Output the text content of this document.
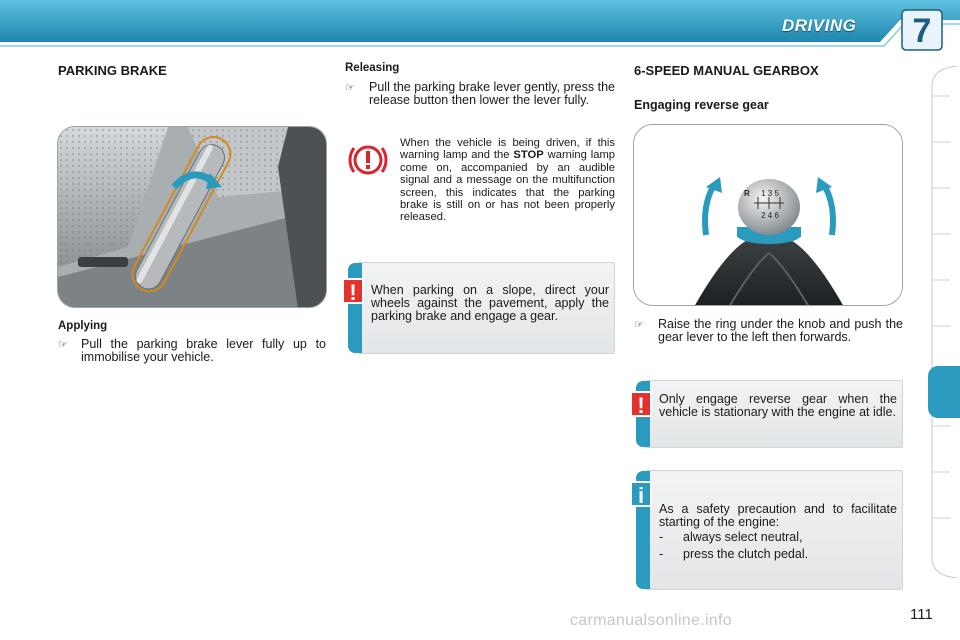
DRIVING 7
PARKING BRAKE
Applying
☞ Pull the parking brake lever fully up to immobilise your vehicle.
Releasing
☞ Pull the parking brake lever gently, press the release button then lower the lever fully.
When the vehicle is being driven, if this warning lamp and the STOP warning lamp come on, accompanied by an audible signal and a message on the multifunction screen, this indicates that the parking brake is still on or has not been properly released.
!	When parking on a slope, direct your wheels against the pavement, apply the parking brake and engage a gear.
6-SPEED MANUAL GEARBOX
Engaging reverse gear
1 3 5
2 4 6
R
☞ Raise the ring under the knob and push the gear lever to the left then forwards.
!	Only engage reverse gear when the vehicle is stationary with the engine at idle.
i
As a safety precaution and to facilitate starting of the engine:
- always select neutral,
- press the clutch pedal.
carmanualsonline.info	111
